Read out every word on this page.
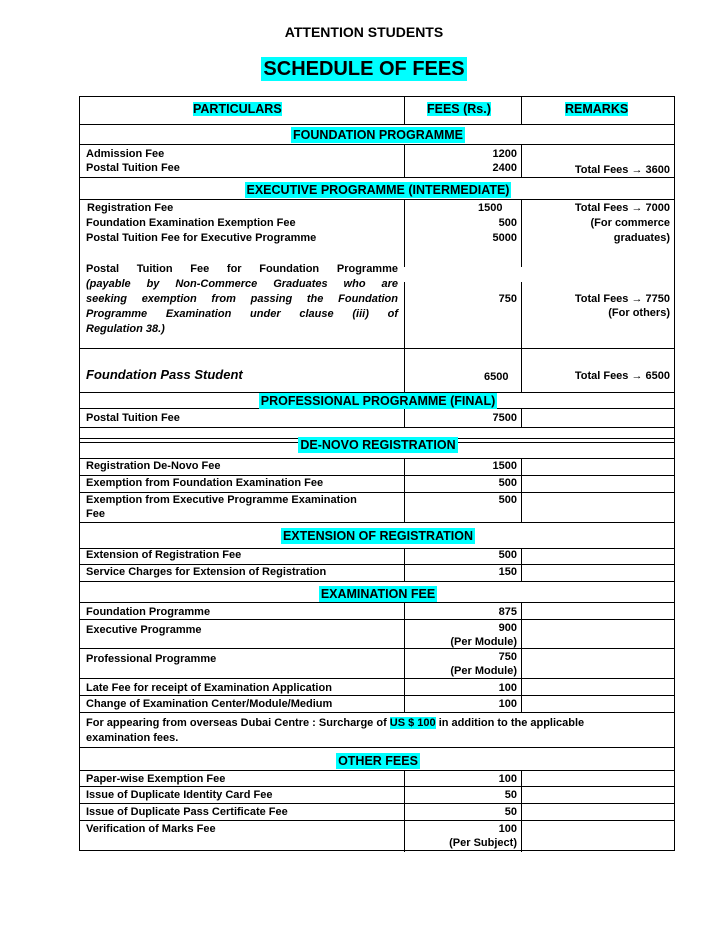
ATTENTION STUDENTS
SCHEDULE OF FEES
PARTICULARS	FEES (Rs.)	REMARKS
FOUNDATION PROGRAMME
Admission Fee	1200
Postal Tuition Fee	2400	Total Fees → 3600
EXECUTIVE PROGRAMME (INTERMEDIATE)
Registration Fee	1500	Total Fees → 7000
Foundation Examination Exemption Fee	500	(For commerce
Postal Tuition Fee for Executive Programme	5000	graduates)
Postal Tuition Fee for Foundation Programme
(payable by Non-Commerce Graduates who are
seeking exemption from passing the Foundation
Programme Examination under clause (iii) of
Regulation 38.)
750	Total Fees → 7750
(For others)
Foundation Pass Student	6500	Total Fees → 6500
PROFESSIONAL PROGRAMME (FINAL)
Postal Tuition Fee	7500
DE-NOVO REGISTRATION
Registration De-Novo Fee	1500
Exemption from Foundation Examination Fee	500
Exemption from Executive Programme Examination
Fee
500
EXTENSION OF REGISTRATION
Extension of Registration Fee	500
Service Charges for Extension of Registration	150
EXAMINATION FEE
Foundation Programme	875
Executive Programme	900
(Per Module)
Professional Programme	750
(Per Module)
Late Fee for receipt of Examination Application	100
Change of Examination Center/Module/Medium	100
For appearing from overseas Dubai Centre : Surcharge of US $ 100 in addition to the applicable
examination fees.
OTHER FEES
Paper-wise Exemption Fee	100
Issue of Duplicate Identity Card Fee	50
Issue of Duplicate Pass Certificate Fee	50
Verification of Marks Fee	100
(Per Subject)
